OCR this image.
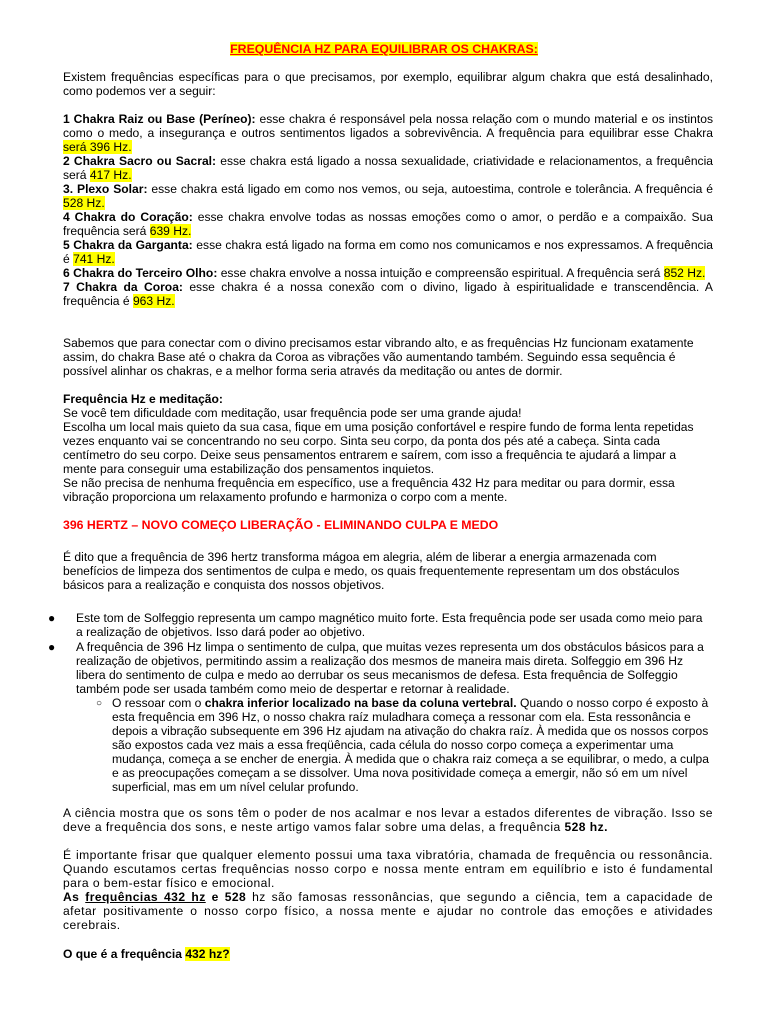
FREQUÊNCIA HZ PARA EQUILIBRAR OS CHAKRAS:

Existem frequências específicas para o que precisamos, por exemplo, equilibrar algum chakra que está desalinhado, como podemos ver a seguir:

1 Chakra Raiz ou Base (Períneo): esse chakra é responsável pela nossa relação com o mundo material e os instintos como o medo, a insegurança e outros sentimentos ligados a sobrevivência. A frequência para equilibrar esse Chakra será 396 Hz.
2 Chakra Sacro ou Sacral: esse chakra está ligado a nossa sexualidade, criatividade e relacionamentos, a frequência será 417 Hz.
3. Plexo Solar: esse chakra está ligado em como nos vemos, ou seja, autoestima, controle e tolerância. A frequência é 528 Hz.
4 Chakra do Coração: esse chakra envolve todas as nossas emoções como o amor, o perdão e a compaixão. Sua frequência será 639 Hz.
5 Chakra da Garganta: esse chakra está ligado na forma em como nos comunicamos e nos expressamos. A frequência é 741 Hz.
6 Chakra do Terceiro Olho: esse chakra envolve a nossa intuição e compreensão espiritual. A frequência será 852 Hz.
7 Chakra da Coroa: esse chakra é a nossa conexão com o divino, ligado à espiritualidade e transcendência. A frequência é 963 Hz.

Sabemos que para conectar com o divino precisamos estar vibrando alto, e as frequências Hz funcionam exatamente assim, do chakra Base até o chakra da Coroa as vibrações vão aumentando também. Seguindo essa sequência é possível alinhar os chakras, e a melhor forma seria através da meditação ou antes de dormir.

Frequência Hz e meditação:
Se você tem dificuldade com meditação, usar frequência pode ser uma grande ajuda!
Escolha um local mais quieto da sua casa, fique em uma posição confortável e respire fundo de forma lenta repetidas vezes enquanto vai se concentrando no seu corpo. Sinta seu corpo, da ponta dos pés até a cabeça. Sinta cada centímetro do seu corpo. Deixe seus pensamentos entrarem e saírem, com isso a frequência te ajudará a limpar a mente para conseguir uma estabilização dos pensamentos inquietos.
Se não precisa de nenhuma frequência em específico, use a frequência 432 Hz para meditar ou para dormir, essa vibração proporciona um relaxamento profundo e harmoniza o corpo com a mente.
396 HERTZ – NOVO COMEÇO LIBERAÇÃO - ELIMINANDO CULPA E MEDO

É dito que a frequência de 396 hertz transforma mágoa em alegria, além de liberar a energia armazenada com benefícios de limpeza dos sentimentos de culpa e medo, os quais frequentemente representam um dos obstáculos básicos para a realização e conquista dos nossos objetivos.

● Este tom de Solfeggio representa um campo magnético muito forte. Esta frequência pode ser usada como meio para a realização de objetivos. Isso dará poder ao objetivo.

● A frequência de 396 Hz limpa o sentimento de culpa, que muitas vezes representa um dos obstáculos básicos para a realização de objetivos, permitindo assim a realização dos mesmos de maneira mais direta. Solfeggio em 396 Hz libera do sentimento de culpa e medo ao derrubar os seus mecanismos de defesa. Esta frequência de Solfeggio também pode ser usada também como meio de despertar e retornar à realidade.

○ O ressoar com o chakra inferior localizado na base da coluna vertebral. Quando o nosso corpo é exposto à esta frequência em 396 Hz, o nosso chakra raíz muladhara começa a ressonar com ela. Esta ressonância e depois a vibração subsequente em 396 Hz ajudam na ativação do chakra raíz. À medida que os nossos corpos são expostos cada vez mais a essa freqüência, cada célula do nosso corpo começa a experimentar uma mudança, começa a se encher de energia. À medida que o chakra raiz começa a se equilibrar, o medo, a culpa e as preocupações começam a se dissolver. Uma nova positividade começa a emergir, não só em um nível superficial, mas em um nível celular profundo.

A ciência mostra que os sons têm o poder de nos acalmar e nos levar a estados diferentes de vibração. Isso se deve a frequência dos sons, e neste artigo vamos falar sobre uma delas, a frequência 528 hz.

É importante frisar que qualquer elemento possui uma taxa vibratória, chamada de frequência ou ressonância. Quando escutamos certas frequências nosso corpo e nossa mente entram em equilíbrio e isto é fundamental para o bem-estar físico e emocional.

As frequências 432 hz e 528 hz são famosas ressonâncias, que segundo a ciência, tem a capacidade de afetar positivamente o nosso corpo físico, a nossa mente e ajudar no controle das emoções e atividades cerebrais.

O que é a frequência 432 hz?
